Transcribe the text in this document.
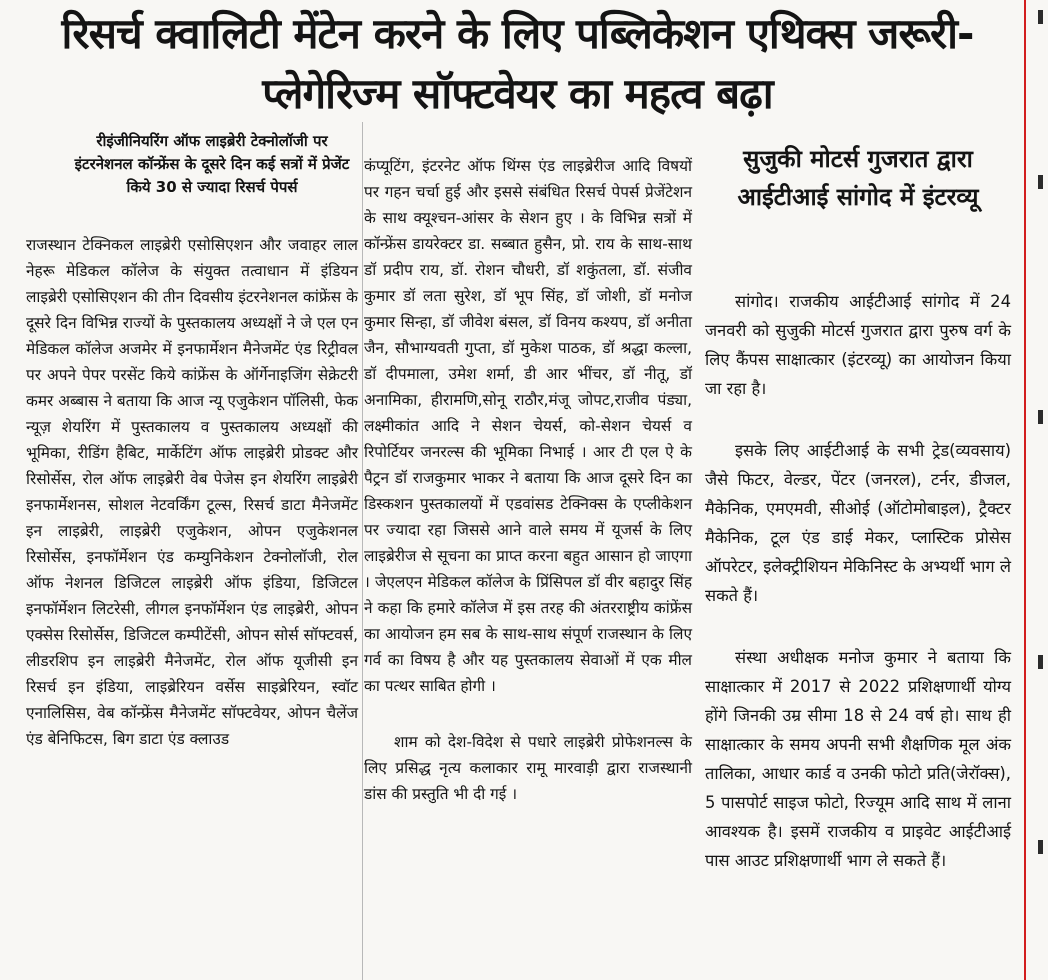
रिसर्च क्वालिटी मेंटेन करने के लिए पब्लिकेशन एथिक्स जरूरी- प्लेगेरिज्म सॉफ्टवेयर का महत्व बढ़ा
रीइंजीनियरिंग ऑफ लाइब्रेरी टेक्नोलॉजी पर इंटरनेशनल कॉन्फ्रेंस के दूसरे दिन कई सत्रों में प्रेजेंट किये 30 से ज्यादा रिसर्च पेपर्स
राजस्थान टेक्निकल लाइब्रेरी एसोसिएशन और जवाहर लाल नेहरू मेडिकल कॉलेज के संयुक्त तत्वाधान में इंडियन लाइब्रेरी एसोसिएशन की तीन दिवसीय इंटरनेशनल कांफ्रेंस के दूसरे दिन विभिन्न राज्यों के पुस्तकालय अध्यक्षों ने जे एल एन मेडिकल कॉलेज अजमेर में इनफार्मेशन मैनेजमेंट एंड रिट्रीवल पर अपने पेपर परसेंट किये कांफ्रेंस के ऑर्गेनाइजिंग सेक्रेटरी कमर अब्बास ने बताया कि आज न्यू एजुकेशन पॉलिसी, फेक न्यूज़ शेयरिंग में पुस्तकालय व पुस्तकालय अध्यक्षों की भूमिका, रीडिंग हैबिट, मार्केटिंग ऑफ लाइब्रेरी प्रोडक्ट और रिसोर्सेस, रोल ऑफ लाइब्रेरी वेब पेजेस इन शेयरिंग लाइब्रेरी इनफार्मेशनस, सोशल नेटवर्किंग टूल्स, रिसर्च डाटा मैनेजमेंट इन लाइब्रेरी, लाइब्रेरी एजुकेशन, ओपन एजुकेशनल रिसोर्सेस, इनफॉर्मेशन एंड कम्युनिकेशन टेक्नोलॉजी, रोल ऑफ नेशनल डिजिटल लाइब्रेरी ऑफ इंडिया, डिजिटल इनफॉर्मेशन लिटरेसी, लीगल इनफॉर्मेशन एंड लाइब्रेरी, ओपन एक्सेस रिसोर्सेस, डिजिटल कम्पीटेंसी, ओपन सोर्स सॉफ्टवर्स, लीडरशिप इन लाइब्रेरी मैनेजमेंट, रोल ऑफ यूजीसी इन रिसर्च इन इंडिया, लाइब्रेरियन वर्सेस साइब्रेरियन, स्वॉट एनालिसिस, वेब कॉन्फ्रेंस मैनेजमेंट सॉफ्टवेयर, ओपन चैलेंज एंड बेनिफिटस, बिग डाटा एंड क्लाउड

कंप्यूटिंग, इंटरनेट ऑफ थिंग्स एंड लाइब्रेरीज आदि विषयों पर गहन चर्चा हुई और इससे संबंधित रिसर्च पेपर्स प्रेजेंटेशन के साथ क्यूश्चन-आंसर के सेशन हुए । के विभिन्न सत्रों में कॉन्फ्रेंस डायरेक्टर डा. सब्बात हुसैन, प्रो. राय के साथ-साथ डॉ प्रदीप राय, डॉ. रोशन चौधरी, डॉ शकुंतला, डॉ. संजीव कुमार डॉ लता सुरेश, डॉ भूप सिंह, डॉ जोशी, डॉ मनोज कुमार सिन्हा, डॉ जीवेश बंसल, डॉ विनय कश्यप, डॉ अनीता जैन, सौभाग्यवती गुप्ता, डॉ मुकेश पाठक, डॉ श्रद्धा कल्ला, डॉ दीपमाला, उमेश शर्मा, डी आर भींचर, डॉ नीतू, डॉ अनामिका, हीरामणि,सोनू राठौर,मंजू जोपट,राजीव पंड्या, लक्ष्मीकांत आदि ने सेशन चेयर्स, को-सेशन चेयर्स व रिपोर्टियर जनरल्स की भूमिका निभाई । आर टी एल ऐ के पैट्रन डॉ राजकुमार भाकर ने बताया कि आज दूसरे दिन का डिस्कशन पुस्तकालयों में एडवांसड टेक्निक्स के एप्लीकेशन पर ज्यादा रहा जिससे आने वाले समय में यूजर्स के लिए लाइब्रेरीज से सूचना का प्राप्त करना बहुत आसान हो जाएगा । जेएलएन मेडिकल कॉलेज के प्रिंसिपल डॉ वीर बहादुर सिंह ने कहा कि हमारे कॉलेज में इस तरह की अंतरराष्ट्रीय कांफ्रेंस का आयोजन हम सब के साथ-साथ संपूर्ण राजस्थान के लिए गर्व का विषय है और यह पुस्तकालय सेवाओं में एक मील का पत्थर साबित होगी ।

शाम को देश-विदेश से पधारे लाइब्रेरी प्रोफेशनल्स के लिए प्रसिद्ध नृत्य कलाकार रामू मारवाड़ी द्वारा राजस्थानी डांस की प्रस्तुति भी दी गई ।

सुजुकी मोटर्स गुजरात द्वारा आईटीआई सांगोद में इंटरव्यू

सांगोद। राजकीय आईटीआई सांगोद में 24 जनवरी को सुजुकी मोटर्स गुजरात द्वारा पुरुष वर्ग के लिए कैंपस साक्षात्कार (इंटरव्यू) का आयोजन किया जा रहा है।

इसके लिए आईटीआई के सभी ट्रेड(व्यवसाय) जैसे फिटर, वेल्डर, पेंटर (जनरल), टर्नर, डीजल, मैकेनिक, एमएमवी, सीओई (ऑटोमोबाइल), ट्रैक्टर मैकेनिक, टूल एंड डाई मेकर, प्लास्टिक प्रोसेस ऑपरेटर, इलेक्ट्रीशियन मेकिनिस्ट के अभ्यर्थी भाग ले सकते हैं।

संस्था अधीक्षक मनोज कुमार ने बताया कि साक्षात्कार में 2017 से 2022 प्रशिक्षणार्थी योग्य होंगे जिनकी उम्र सीमा 18 से 24 वर्ष हो। साथ ही साक्षात्कार के समय अपनी सभी शैक्षणिक मूल अंक तालिका, आधार कार्ड व उनकी फोटो प्रति(जेरॉक्स), 5 पासपोर्ट साइज फोटो, रिज्यूम आदि साथ में लाना आवश्यक है। इसमें राजकीय व प्राइवेट आईटीआई पास आउट प्रशिक्षणार्थी भाग ले सकते हैं।
